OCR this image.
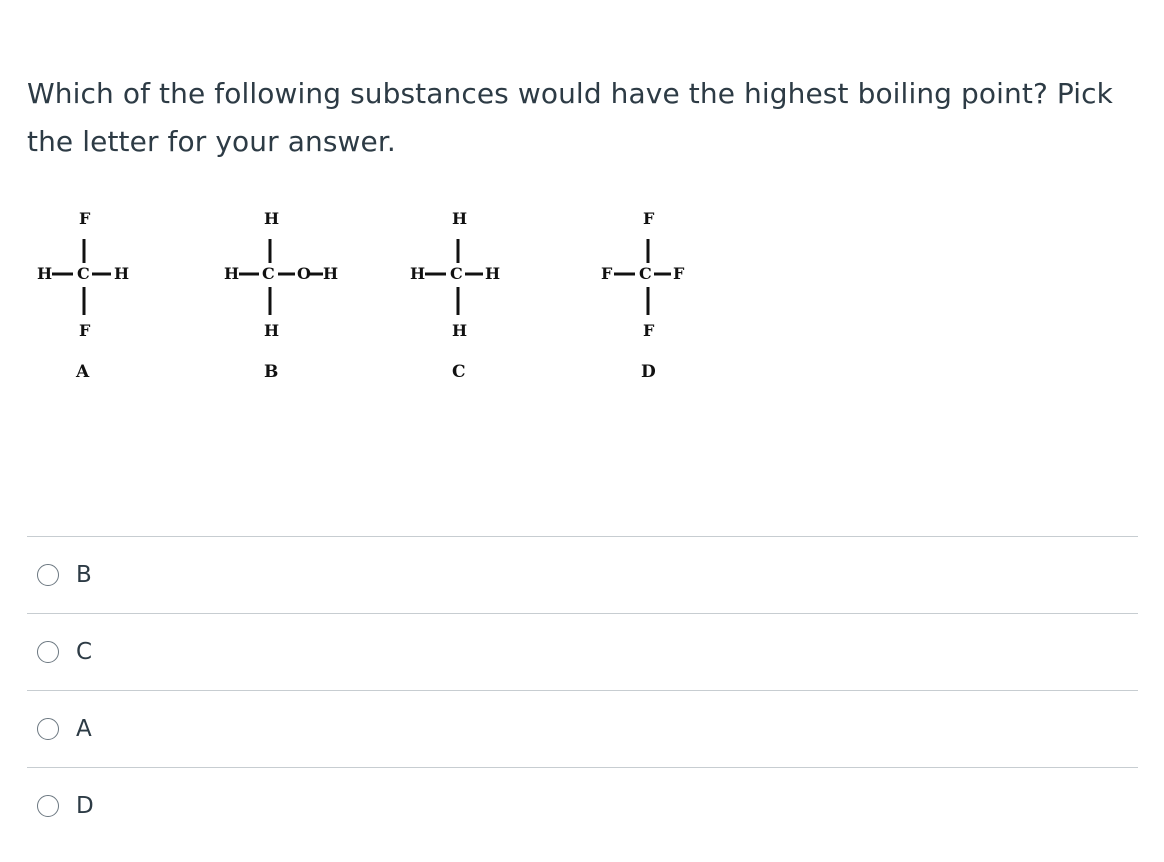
Which of the following substances would have the highest boiling point? Pick the letter for your answer.
F
H C H
F
A
H
H C O H
H
B
H
H C H
H
C
F
F C F
F
D
B
C
A
D
